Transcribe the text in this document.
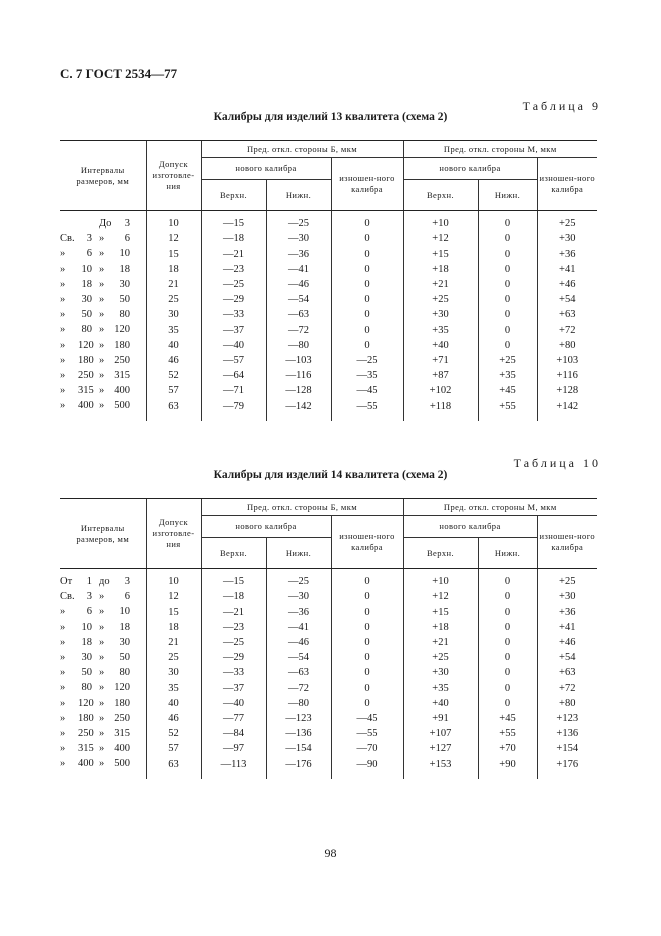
С. 7 ГОСТ 2534—77
Таблица 9
Калибры для изделий 13 квалитета (схема 2)
Интервалы размеров, мм	Допуск изготовле-ния	Пред. откл. стороны Б, мкм			Пред. откл. стороны М, мкм		
		нового калибра		изношен-ного калибра	нового калибра		изношен-ного калибра
		Верхн.	Нижн.		Верхн.	Нижн.	

До 3	10	—15	—25	0	+10	0	+25

Св. 3 » 6	12	—18	—30	0	+12	0	+30

» 6 » 10	15	—21	—36	0	+15	0	+36

» 10 » 18	18	—23	—41	0	+18	0	+41

» 18 » 30	21	—25	—46	0	+21	0	+46

» 30 » 50	25	—29	—54	0	+25	0	+54

» 50 » 80	30	—33	—63	0	+30	0	+63

» 80 » 120	35	—37	—72	0	+35	0	+72

» 120 » 180	40	—40	—80	0	+40	0	+80

» 180 » 250	46	—57	—103	—25	+71	+25	+103

» 250 » 315	52	—64	—116	—35	+87	+35	+116

» 315 » 400	57	—71	—128	—45	+102	+45	+128

» 400 » 500	63	—79	—142	—55	+118	+55	+142

Таблица 10
Калибры для изделий 14 квалитета (схема 2)
Интервалы размеров, мм	Допуск изготовле-ния	Пред. откл. стороны Б, мкм			Пред. откл. стороны М, мкм		
		нового калибра		изношен-ного калибра	нового калибра		изношен-ного калибра
		Верхн.	Нижн.		Верхн.	Нижн.	

От 1 до 3	10	—15	—25	0	+10	0	+25

Св. 3 » 6	12	—18	—30	0	+12	0	+30

» 6 » 10	15	—21	—36	0	+15	0	+36

» 10 » 18	18	—23	—41	0	+18	0	+41

» 18 » 30	21	—25	—46	0	+21	0	+46

» 30 » 50	25	—29	—54	0	+25	0	+54

» 50 » 80	30	—33	—63	0	+30	0	+63

» 80 » 120	35	—37	—72	0	+35	0	+72

» 120 » 180	40	—40	—80	0	+40	0	+80

» 180 » 250	46	—77	—123	—45	+91	+45	+123

» 250 » 315	52	—84	—136	—55	+107	+55	+136

» 315 » 400	57	—97	—154	—70	+127	+70	+154

» 400 » 500	63	—113	—176	—90	+153	+90	+176

98
